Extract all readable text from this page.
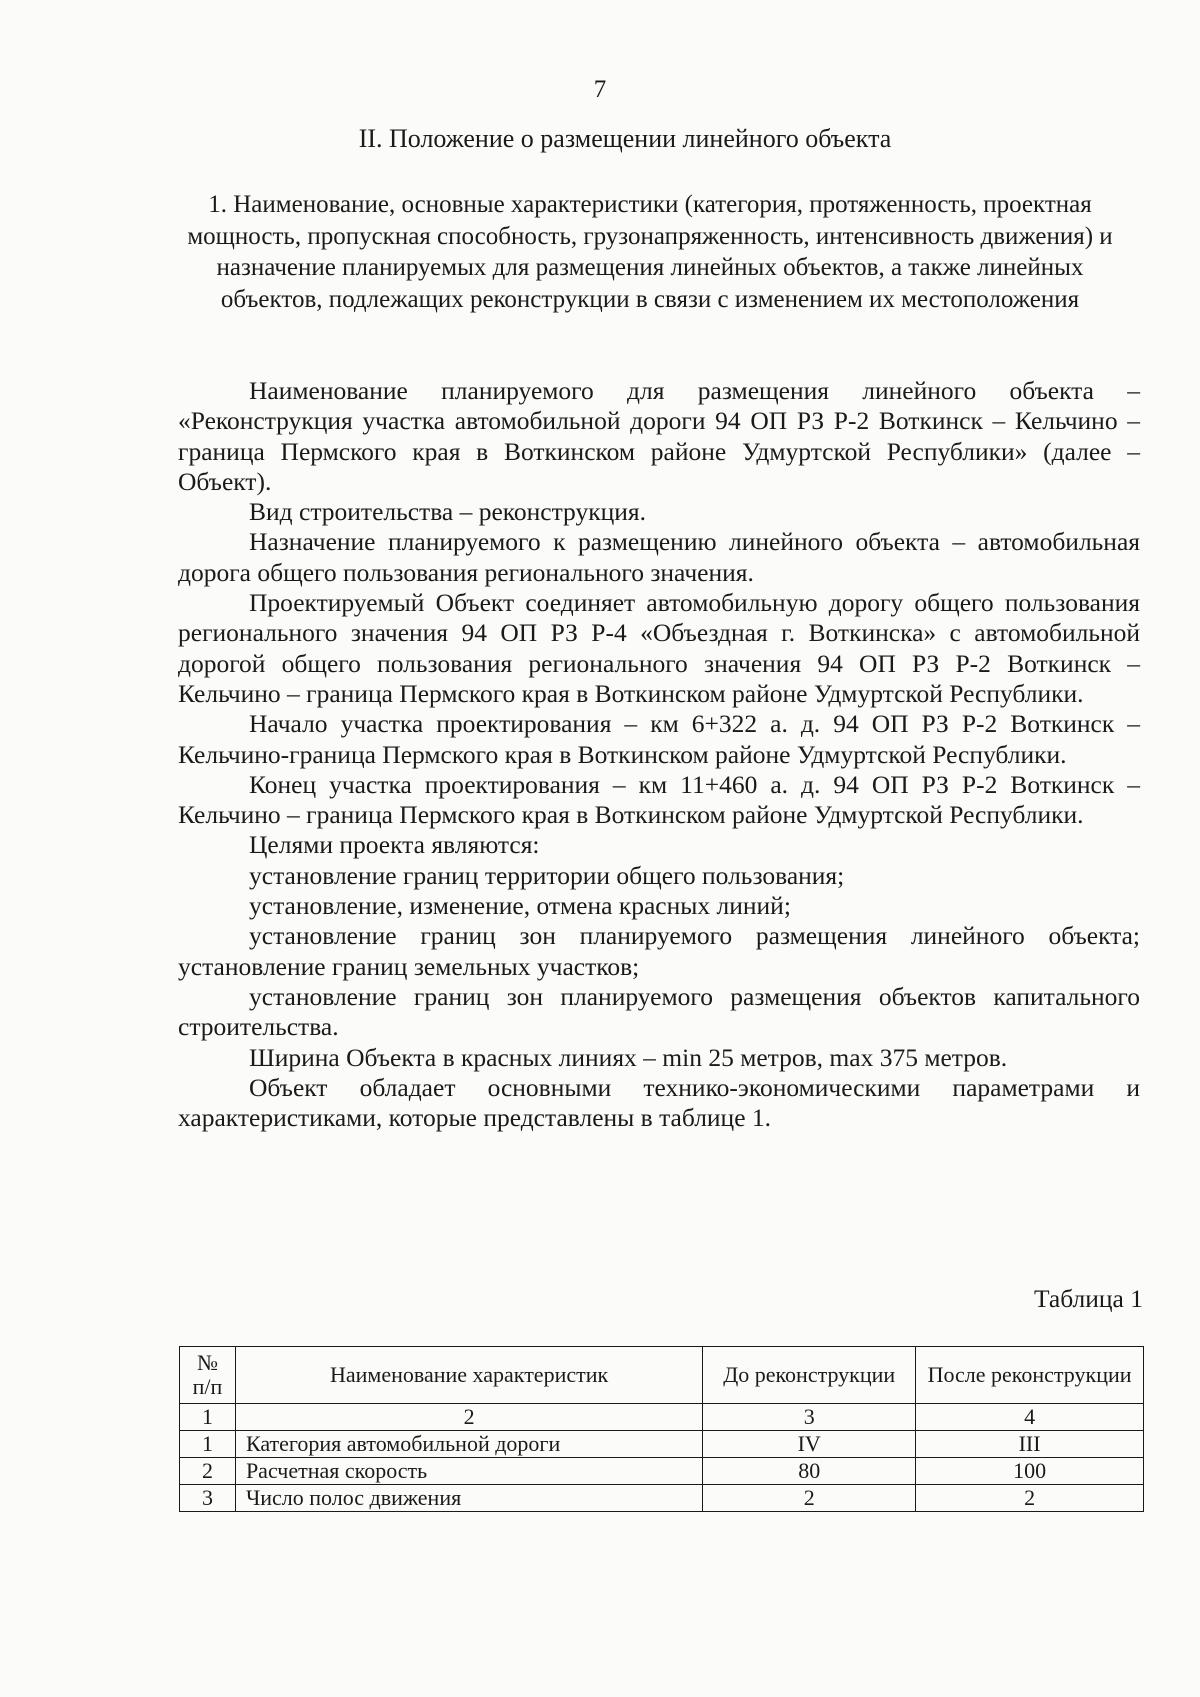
7
II. Положение о размещении линейного объекта

1. Наименование, основные характеристики (категория, протяженность, проектная мощность, пропускная способность, грузонапряженность, интенсивность движения) и назначение планируемых для размещения линейных объектов, а также линейных объектов, подлежащих реконструкции в связи с изменением их местоположения

Наименование планируемого для размещения линейного объекта – «Реконструкция участка автомобильной дороги 94 ОП РЗ Р-2 Воткинск – Кельчино – граница Пермского края в Воткинском районе Удмуртской Республики» (далее – Объект).

Вид строительства – реконструкция.

Назначение планируемого к размещению линейного объекта – автомобильная дорога общего пользования регионального значения.

Проектируемый Объект соединяет автомобильную дорогу общего пользования регионального значения 94 ОП РЗ Р-4 «Объездная г. Воткинска» с автомобильной дорогой общего пользования регионального значения 94 ОП РЗ Р-2 Воткинск – Кельчино – граница Пермского края в Воткинском районе Удмуртской Республики.

Начало участка проектирования – км 6+322 а. д. 94 ОП РЗ Р-2 Воткинск – Кельчино-граница Пермского края в Воткинском районе Удмуртской Республики.

Конец участка проектирования – км 11+460 а. д. 94 ОП РЗ Р-2 Воткинск – Кельчино – граница Пермского края в Воткинском районе Удмуртской Республики.

Целями проекта являются:

установление границ территории общего пользования;

установление, изменение, отмена красных линий;

установление границ зон планируемого размещения линейного объекта; установление границ земельных участков;

установление границ зон планируемого размещения объектов капитального строительства.

Ширина Объекта в красных линиях – min 25 метров, max 375 метров.

Объект обладает основными технико-экономическими параметрами и характеристиками, которые представлены в таблице 1.

Таблица 1
№ п/п	Наименование характеристик	До реконструкции	После реконструкции
1	2	3	4
1	Категория автомобильной дороги	IV	III
2	Расчетная скорость	80	100
3	Число полос движения	2	2
